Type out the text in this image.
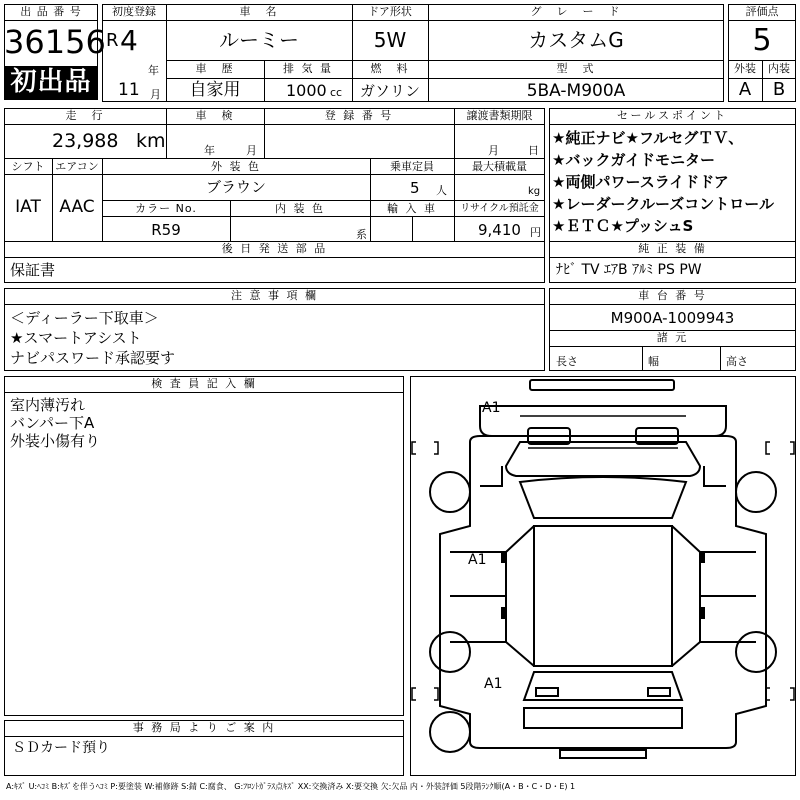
出 品 番 号
36156
初出品
初度登録
R 4
年
11 月
車　名
ルーミー
ドア形状
5W
グ　レ　ー　ド
カスタムG
車　歴
自家用
排 気 量
1000 cc
燃　料
ガソリン
型　式
5BA-M900A
評価点
5
外装	内装
A	B
走　行
23,988 km
車　検
年	月
登 録 番 号	譲渡書類期限
月	日
シフト エアコン
IAT	AAC
外 装 色
ブラウン
乗車定員
5 人
最大積載量
kg
カラー No.
R59
内 装 色
系
輸 入 車	リサイクル預託金
9,410 円
後 日 発 送 部 品
保証書
セールスポイント
★純正ナビ★フルセグＴＶ、
★バックガイドモニター
★両側パワースライドドア
★レーダークルーズコントロール
★ＥＴＣ★プッシュS
純 正 装 備
ﾅﾋﾞ TV ｴｱB ｱﾙﾐ PS PW
注 意 事 項 欄
＜ディーラー下取車＞
★スマートアシスト
ナビパスワード承認要す
車 台 番 号
M900A-1009943
諸 元
長さ	幅	高さ
検 査 員 記 入 欄
室内薄汚れ
バンパー下A
外装小傷有り
事 務 局 よ り ご 案 内
ＳＤカード預り
A1
A1
A1
A:ｷｽﾞ U:ﾍｺﾐ B:ｷｽﾞを伴うﾍｺﾐ P:要塗装 W:補修跡 S:錆 C:腐食、 G:ﾌﾛﾝﾄｶﾞﾗｽ点ｷｽﾞ XX:交換済み X:要交換 欠:欠品 内・外装評価 5段階ﾗﾝｸ順(A・B・C・D・E) 1
